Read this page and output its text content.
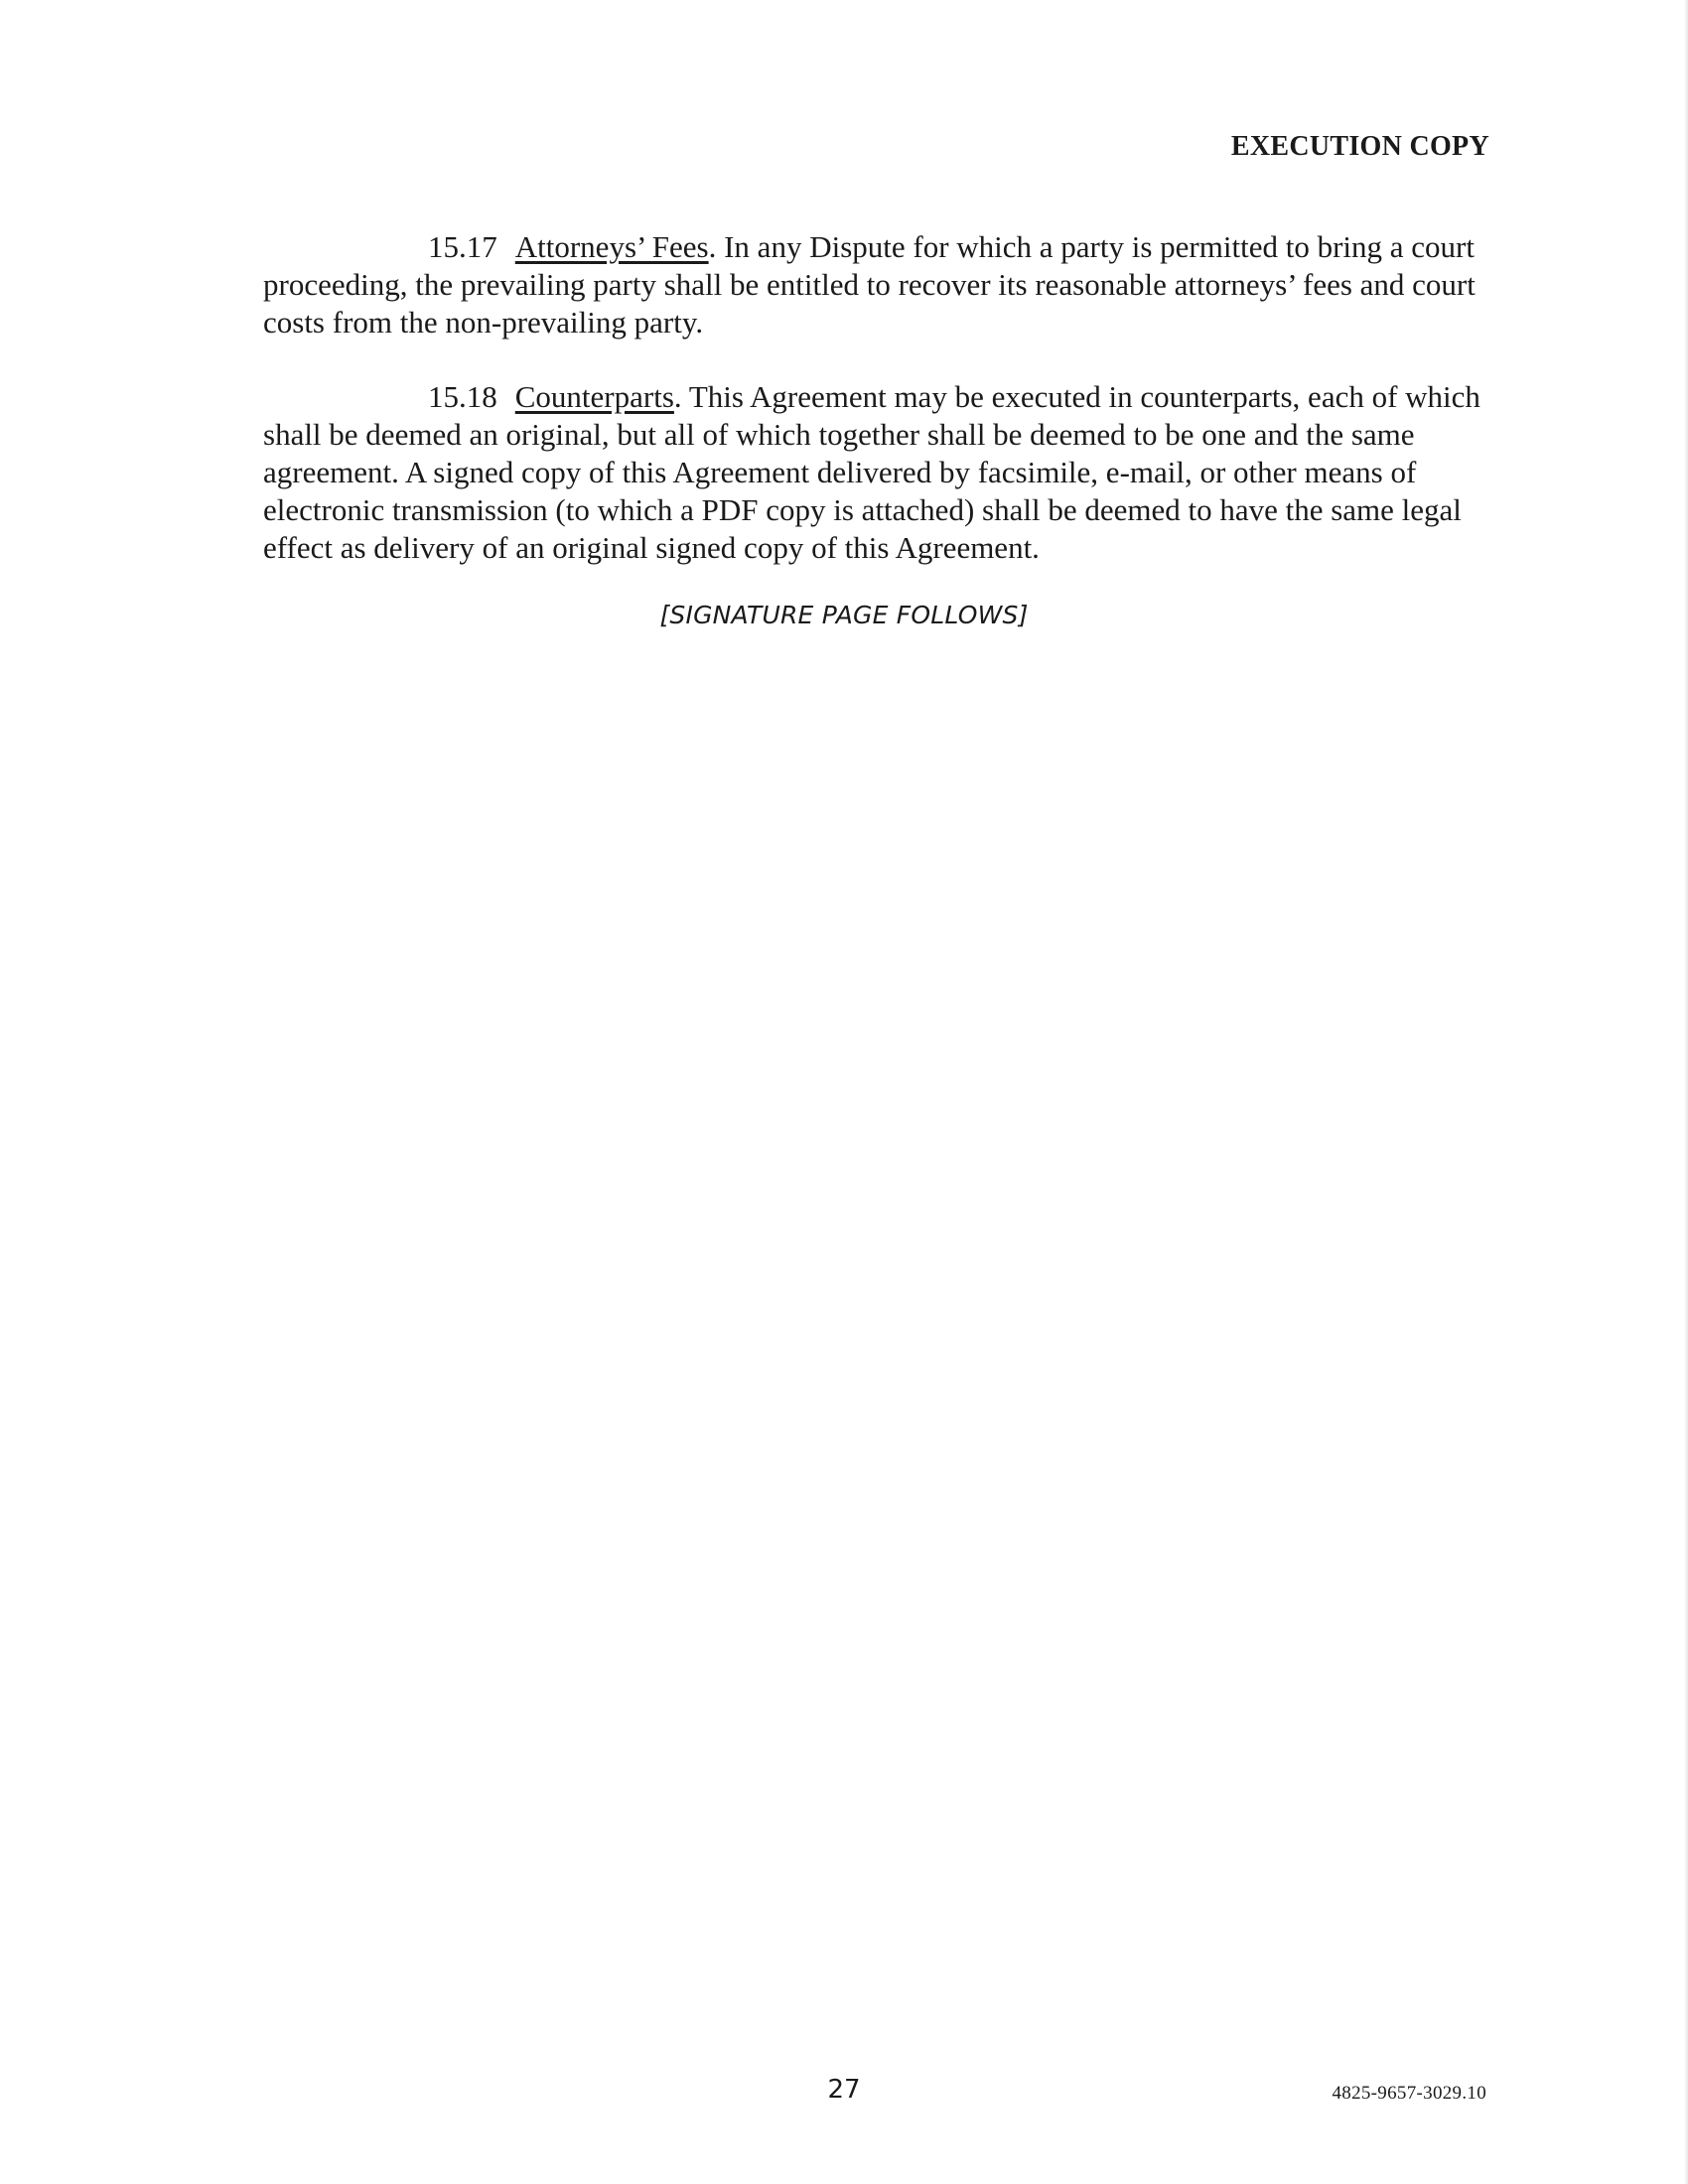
EXECUTION COPY

15.17 Attorneys’ Fees. In any Dispute for which a party is permitted to bring a court proceeding, the prevailing party shall be entitled to recover its reasonable attorneys’ fees and court costs from the non-prevailing party.

15.18 Counterparts. This Agreement may be executed in counterparts, each of which shall be deemed an original, but all of which together shall be deemed to be one and the same agreement. A signed copy of this Agreement delivered by facsimile, e-mail, or other means of electronic transmission (to which a PDF copy is attached) shall be deemed to have the same legal effect as delivery of an original signed copy of this Agreement.

[SIGNATURE PAGE FOLLOWS]
27	4825-9657-3029.10
